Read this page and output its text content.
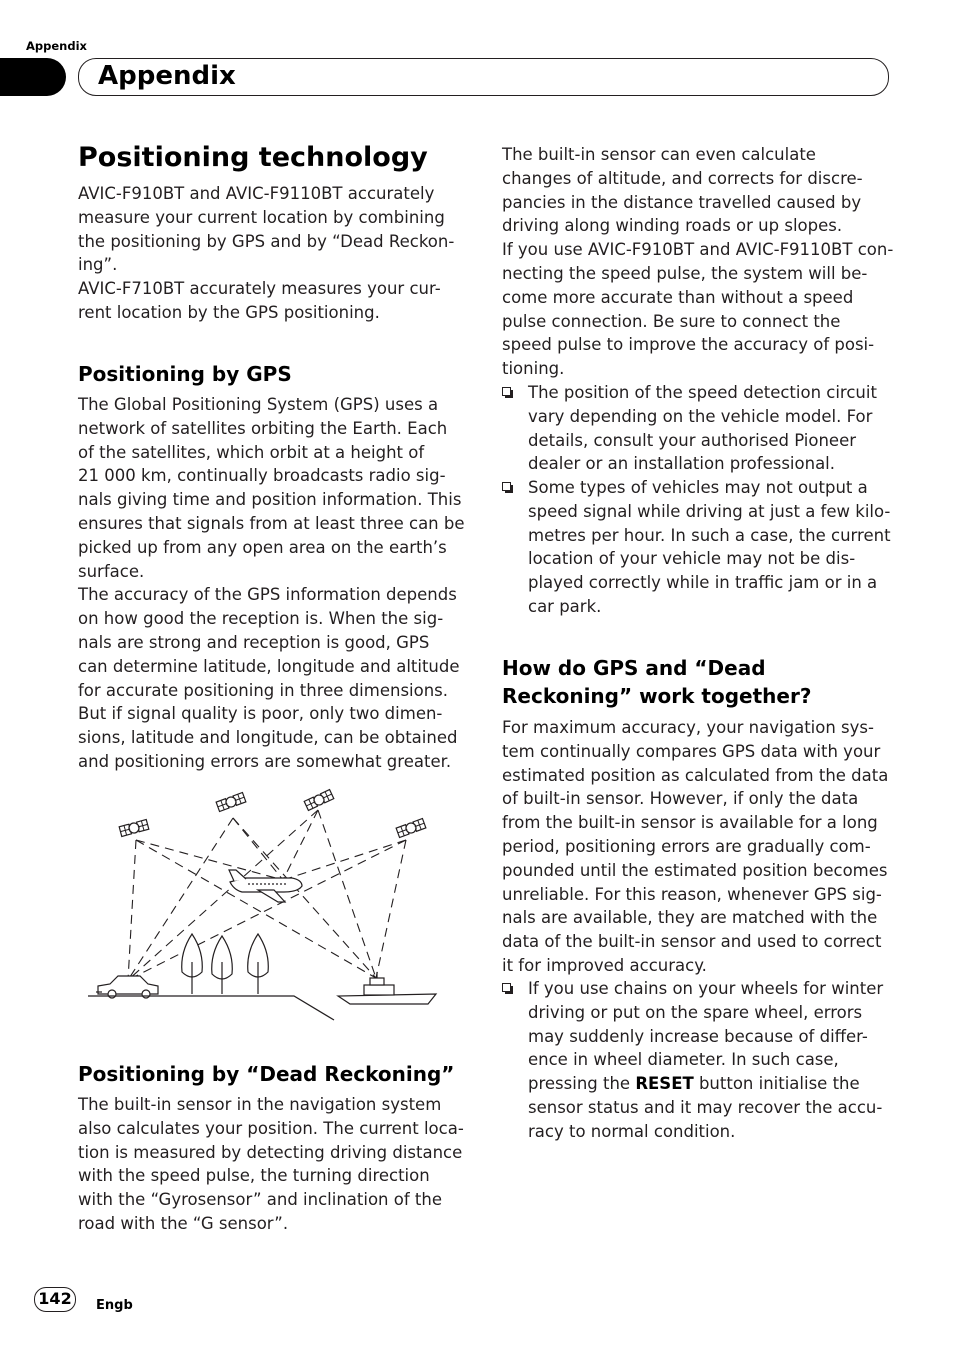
Appendix
Appendix
Positioning technology
AVIC-F910BT and AVIC-F9110BT accurately
measure your current location by combining
the positioning by GPS and by “Dead Reckon-
ing”.
AVIC-F710BT accurately measures your cur-
rent location by the GPS positioning.
Positioning by GPS
The Global Positioning System (GPS) uses a
network of satellites orbiting the Earth. Each
of the satellites, which orbit at a height of
21 000 km, continually broadcasts radio sig-
nals giving time and position information. This
ensures that signals from at least three can be
picked up from any open area on the earth’s
surface.
The accuracy of the GPS information depends
on how good the reception is. When the sig-
nals are strong and reception is good, GPS
can determine latitude, longitude and altitude
for accurate positioning in three dimensions.
But if signal quality is poor, only two dimen-
sions, latitude and longitude, can be obtained
and positioning errors are somewhat greater.
Positioning by “Dead Reckoning”
The built-in sensor in the navigation system
also calculates your position. The current loca-
tion is measured by detecting driving distance
with the speed pulse, the turning direction
with the “Gyrosensor” and inclination of the
road with the “G sensor”.
The built-in sensor can even calculate
changes of altitude, and corrects for discre-
pancies in the distance travelled caused by
driving along winding roads or up slopes.
If you use AVIC-F910BT and AVIC-F9110BT con-
necting the speed pulse, the system will be-
come more accurate than without a speed
pulse connection. Be sure to connect the
speed pulse to improve the accuracy of posi-
tioning.
The position of the speed detection circuit
vary depending on the vehicle model. For
details, consult your authorised Pioneer
dealer or an installation professional.
Some types of vehicles may not output a
speed signal while driving at just a few kilo-
metres per hour. In such a case, the current
location of your vehicle may not be dis-
played correctly while in traffic jam or in a
car park.
How do GPS and “Dead
Reckoning” work together?
For maximum accuracy, your navigation sys-
tem continually compares GPS data with your
estimated position as calculated from the data
of built-in sensor. However, if only the data
from the built-in sensor is available for a long
period, positioning errors are gradually com-
pounded until the estimated position becomes
unreliable. For this reason, whenever GPS sig-
nals are available, they are matched with the
data of the built-in sensor and used to correct
it for improved accuracy.
If you use chains on your wheels for winter
driving or put on the spare wheel, errors
may suddenly increase because of differ-
ence in wheel diameter. In such case,
pressing the RESET button initialise the
sensor status and it may recover the accu-
racy to normal condition.
142	Engb
